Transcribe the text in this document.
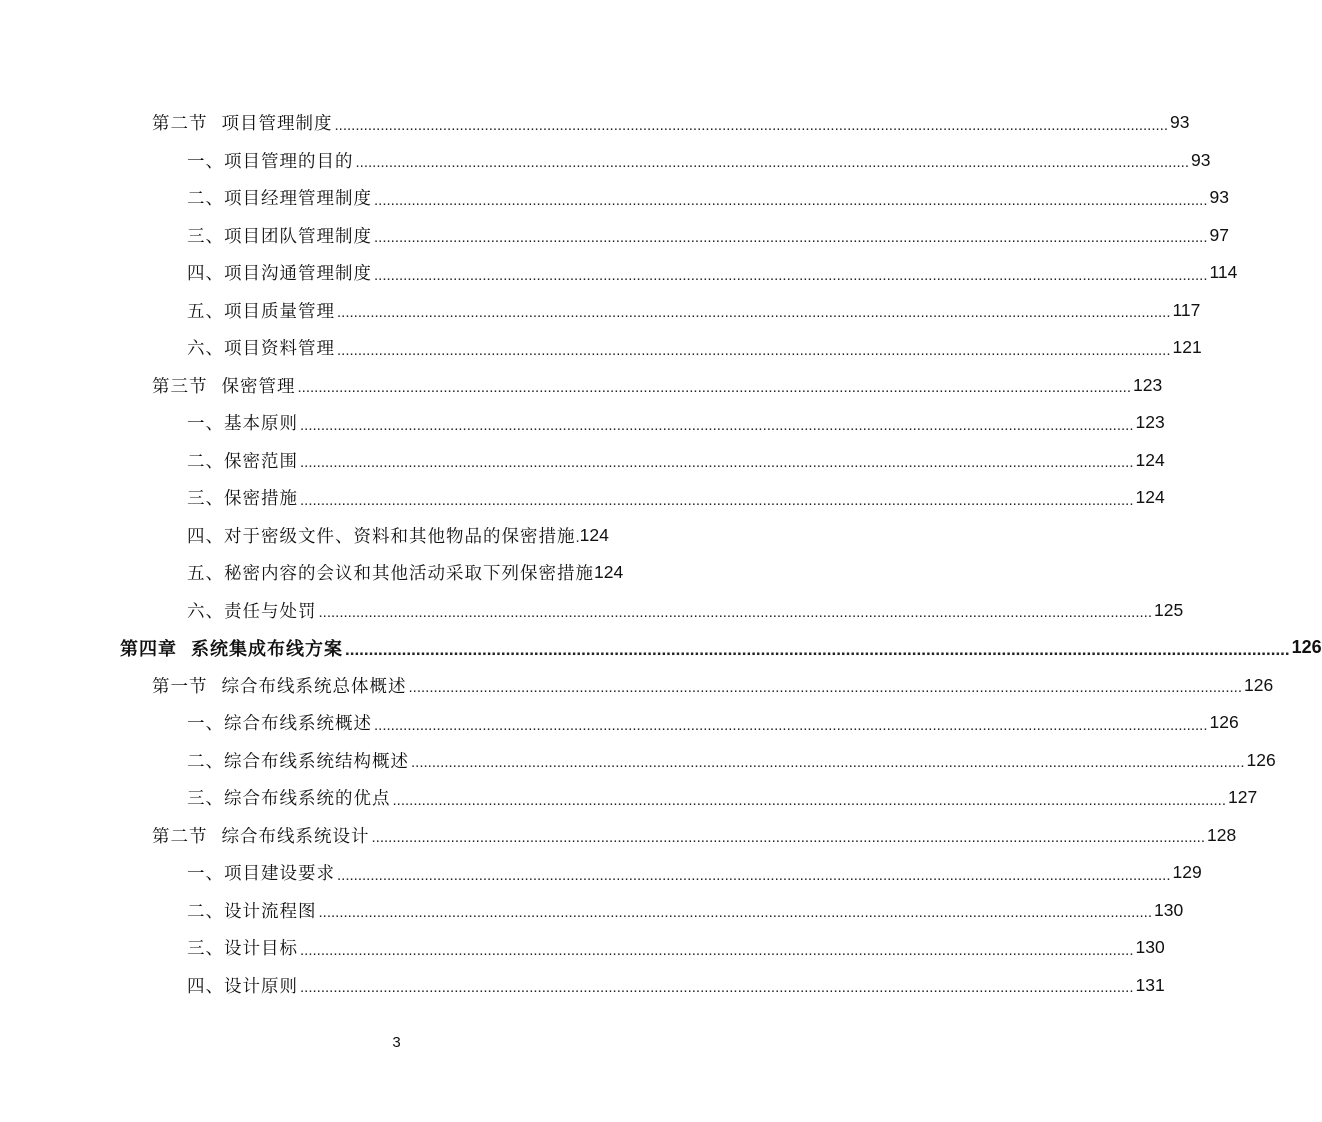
第二节 项目管理制度 ........................................................................................................................................................................................................ 93
一、项目管理的目的 ........................................................................................................................................................................................................ 93
二、项目经理管理制度 ........................................................................................................................................................................................................ 93
三、项目团队管理制度 ........................................................................................................................................................................................................ 97
四、项目沟通管理制度 ........................................................................................................................................................................................................ 114
五、项目质量管理 ........................................................................................................................................................................................................ 117
六、项目资料管理 ........................................................................................................................................................................................................ 121
第三节 保密管理 ........................................................................................................................................................................................................ 123
一、基本原则 ........................................................................................................................................................................................................ 123
二、保密范围 ........................................................................................................................................................................................................ 124
三、保密措施 ........................................................................................................................................................................................................ 124
四、对于密级文件、资料和其他物品的保密措施 . 124
五、秘密内容的会议和其他活动采取下列保密措施 124
六、责任与处罚 ........................................................................................................................................................................................................ 125
第四章 系统集成布线方案 ........................................................................................................................................................................................................ 126
第一节 综合布线系统总体概述 ........................................................................................................................................................................................................ 126
一、综合布线系统概述 ........................................................................................................................................................................................................ 126
二、综合布线系统结构概述 ........................................................................................................................................................................................................ 126
三、综合布线系统的优点 ........................................................................................................................................................................................................ 127
第二节 综合布线系统设计 ........................................................................................................................................................................................................ 128
一、项目建设要求 ........................................................................................................................................................................................................ 129
二、设计流程图 ........................................................................................................................................................................................................ 130
三、设计目标 ........................................................................................................................................................................................................ 130
四、设计原则 ........................................................................................................................................................................................................ 131
3
